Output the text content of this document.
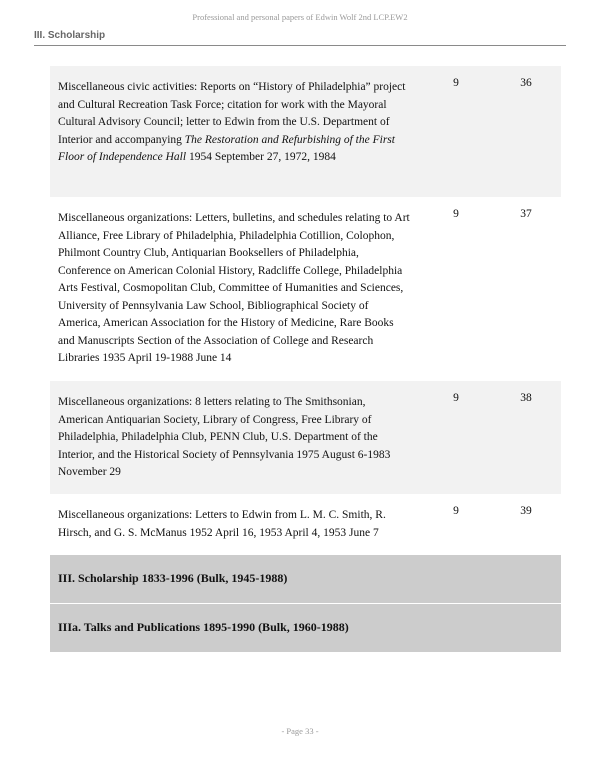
Professional and personal papers of Edwin Wolf 2nd LCP.EW2
III. Scholarship
Miscellaneous civic activities: Reports on “History of Philadelphia” project and Cultural Recreation Task Force; citation for work with the Mayoral Cultural Advisory Council; letter to Edwin from the U.S. Department of Interior and accompanying The Restoration and Refurbishing of the First Floor of Independence Hall 1954 September 27, 1972, 1984
9	36
Miscellaneous organizations: Letters, bulletins, and schedules relating to Art Alliance, Free Library of Philadelphia, Philadelphia Cotillion, Colophon, Philmont Country Club, Antiquarian Booksellers of Philadelphia, Conference on American Colonial History, Radcliffe College, Philadelphia Arts Festival, Cosmopolitan Club, Committee of Humanities and Sciences, University of Pennsylvania Law School, Bibliographical Society of America, American Association for the History of Medicine, Rare Books and Manuscripts Section of the Association of College and Research Libraries 1935 April 19-1988 June 14
9	37
Miscellaneous organizations: 8 letters relating to The Smithsonian, American Antiquarian Society, Library of Congress, Free Library of Philadelphia, Philadelphia Club, PENN Club, U.S. Department of the Interior, and the Historical Society of Pennsylvania 1975 August 6-1983 November 29
9	38
Miscellaneous organizations: Letters to Edwin from L. M. C. Smith, R. Hirsch, and G. S. McManus 1952 April 16, 1953 April 4, 1953 June 7
9	39
III. Scholarship 1833-1996 (Bulk, 1945-1988)
IIIa. Talks and Publications 1895-1990 (Bulk, 1960-1988)
- Page 33 -
